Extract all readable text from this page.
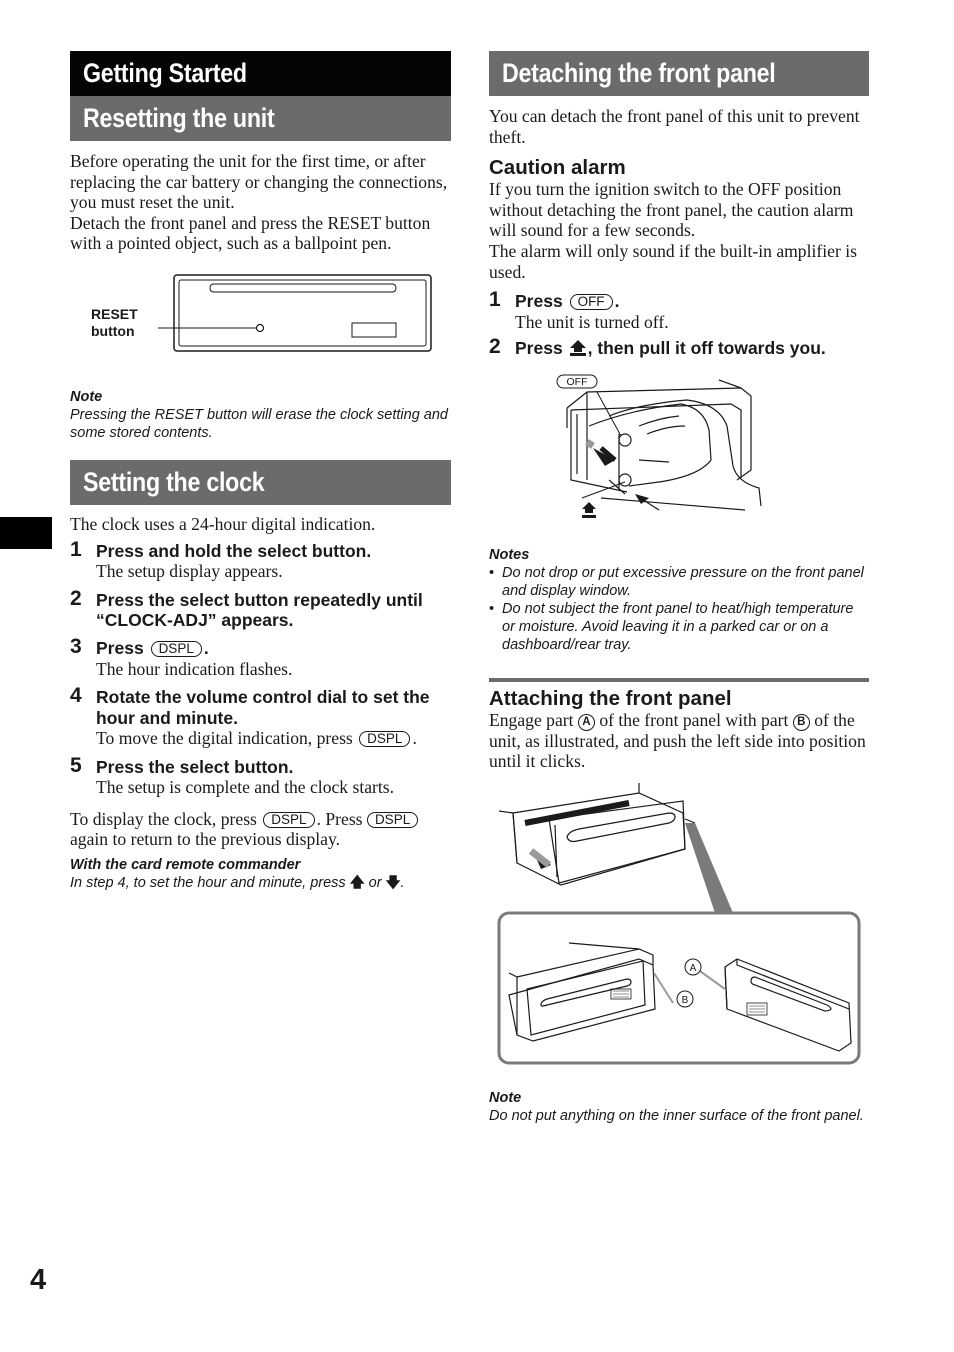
4
Getting Started
Resetting the unit

Before operating the unit for the first time, or after replacing the car battery or changing the connections, you must reset the unit.

Detach the front panel and press the RESET button with a pointed object, such as a ballpoint pen.

RESET
button
Note
Pressing the RESET button will erase the clock setting and some stored contents.
Setting the clock

The clock uses a 24-hour digital indication.

1 Press and hold the select button.
The setup display appears.
2 Press the select button repeatedly until “CLOCK-ADJ” appears.
3 Press DSPL .
The hour indication flashes.
4 Rotate the volume control dial to set the hour and minute.
To move the digital indication, press DSPL .
5 Press the select button.
The setup is complete and the clock starts.

To display the clock, press DSPL . Press DSPL again to return to the previous display.

With the card remote commander
In step 4, to set the hour and minute, press 🡅 or 🡇.
Detaching the front panel

You can detach the front panel of this unit to prevent theft.

Caution alarm

If you turn the ignition switch to the OFF position without detaching the front panel, the caution alarm will sound for a few seconds.

The alarm will only sound if the built-in amplifier is used.

1 Press OFF .
The unit is turned off.
2 Press , then pull it off towards you.
OFF
Notes
• Do not drop or put excessive pressure on the front panel and display window.
• Do not subject the front panel to heat/high temperature or moisture. Avoid leaving it in a parked car or on a dashboard/rear tray.
Attaching the front panel

Engage part A of the front panel with part B of the unit, as illustrated, and push the left side into position until it clicks.

A
B
Note
Do not put anything on the inner surface of the front panel.
